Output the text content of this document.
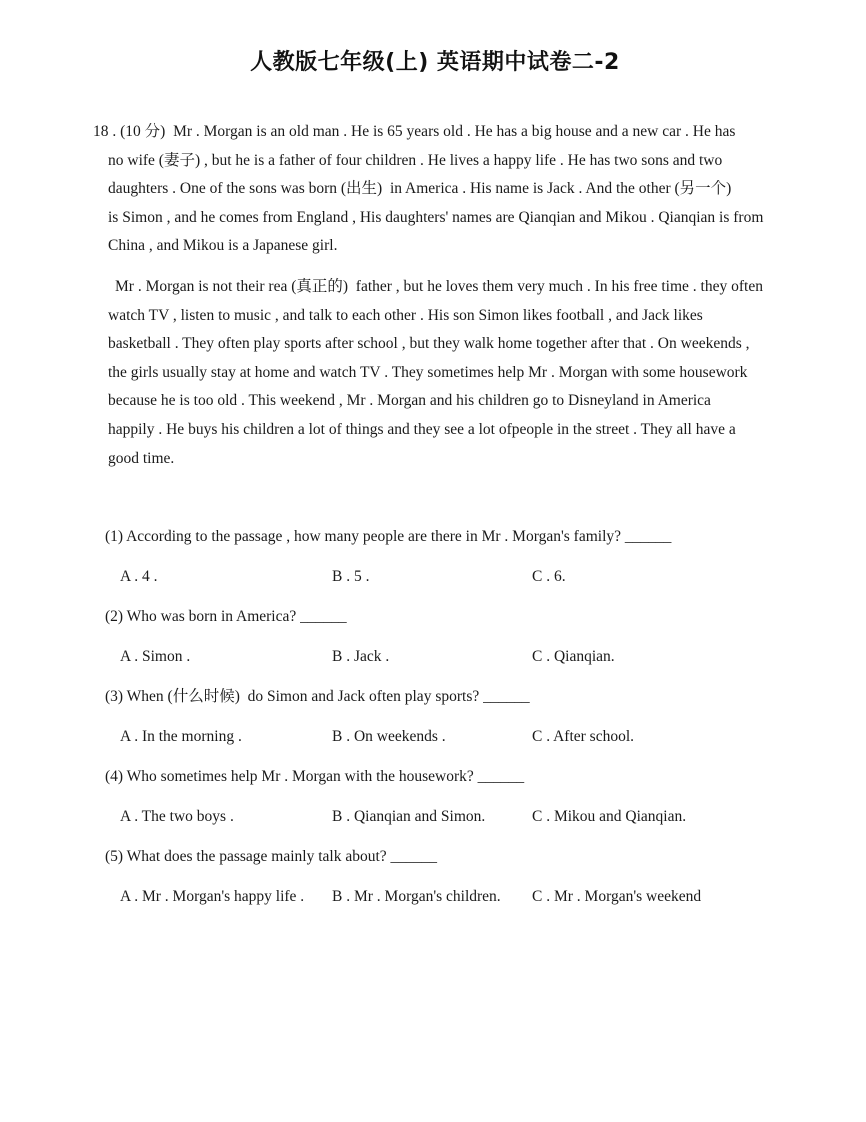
人教版七年级(上) 英语期中试卷二-2
18 . (10 分)  Mr . Morgan is an old man . He is 65 years old . He has a big house and a new car . He has
no wife (妻子) , but he is a father of four children . He lives a happy life . He has two sons and two
daughters . One of the sons was born (出生)  in America . His name is Jack . And the other (另一个)
is Simon , and he comes from England , His daughters' names are Qianqian and Mikou . Qianqian is from
China , and Mikou is a Japanese girl.
Mr . Morgan is not their rea (真正的)  father , but he loves them very much . In his free time . they often
watch TV , listen to music , and talk to each other . His son Simon likes football , and Jack likes
basketball . They often play sports after school , but they walk home together after that . On weekends ,
the girls usually stay at home and watch TV . They sometimes help Mr . Morgan with some housework
because he is too old . This weekend , Mr . Morgan and his children go to Disneyland in America
happily . He buys his children a lot of things and they see a lot ofpeople in the street . They all have a
good time.
(1) According to the passage , how many people are there in Mr . Morgan's family? ______
A . 4 .	B . 5 .	C . 6.
(2) Who was born in America? ______
A . Simon .	B . Jack .	C . Qianqian.
(3) When (什么时候)  do Simon and Jack often play sports? ______
A . In the morning .	B . On weekends .	C . After school.
(4) Who sometimes help Mr . Morgan with the housework? ______
A . The two boys .	B . Qianqian and Simon.	C . Mikou and Qianqian.
(5) What does the passage mainly talk about? ______
A . Mr . Morgan's happy life .	B . Mr . Morgan's children.	C . Mr . Morgan's weekend
